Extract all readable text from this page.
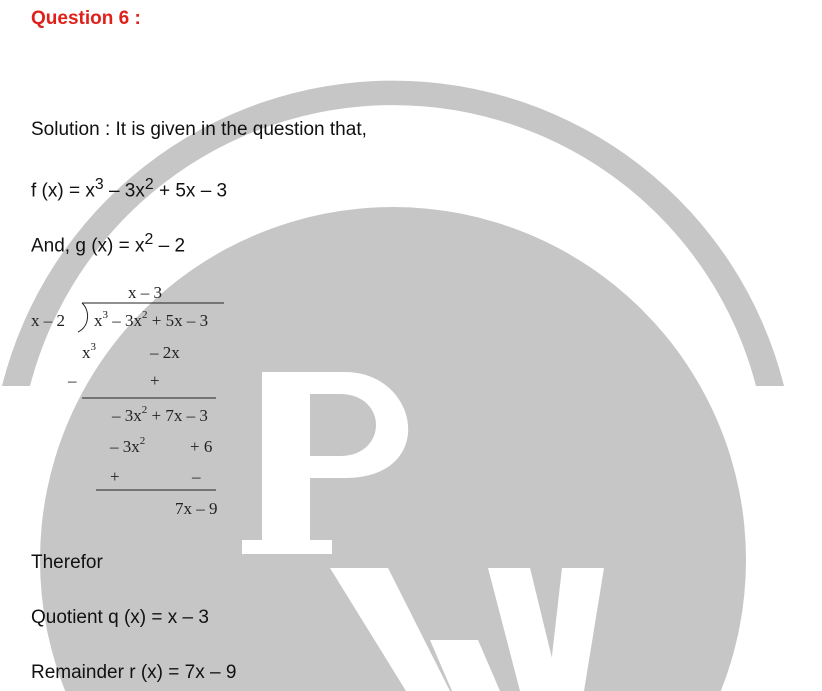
Question 6 :

Solution : It is given in the question that,

f $(x) = x^3 - 3x^2 + 5x - 3$

And, g $(x) = x^2 - 2$

x – 3
x – 2 $x^3 - 3x^2 + 5x - 3$
$x^3$	– 2x
–	+
– $3x^2 + 7x - 3$
– $3x^2$	+ 6
+	–
7x – 9

Therefor

Quotient q (x) = x – 3

Remainder r (x) = 7x – 9
